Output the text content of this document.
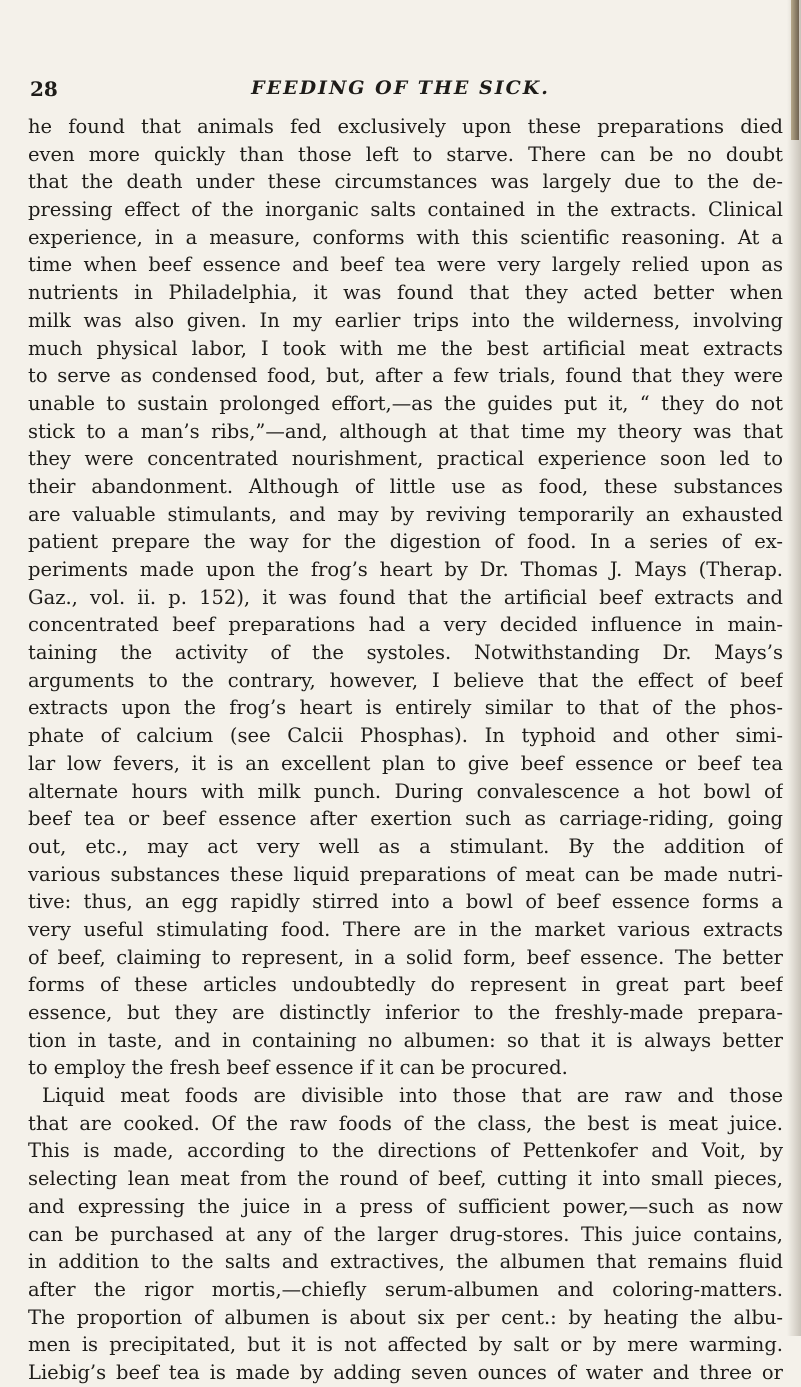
28	FEEDING OF THE SICK.
he found that animals fed exclusively upon these preparations died
even more quickly than those left to starve. There can be no doubt
that the death under these circumstances was largely due to the de-
pressing effect of the inorganic salts contained in the extracts. Clinical
experience, in a measure, conforms with this scientific reasoning. At a
time when beef essence and beef tea were very largely relied upon as
nutrients in Philadelphia, it was found that they acted better when
milk was also given. In my earlier trips into the wilderness, involving
much physical labor, I took with me the best artificial meat extracts
to serve as condensed food, but, after a few trials, found that they were
unable to sustain prolonged effort,—as the guides put it, “ they do not
stick to a man’s ribs,”—and, although at that time my theory was that
they were concentrated nourishment, practical experience soon led to
their abandonment. Although of little use as food, these substances
are valuable stimulants, and may by reviving temporarily an exhausted
patient prepare the way for the digestion of food. In a series of ex-
periments made upon the frog’s heart by Dr. Thomas J. Mays (Therap.
Gaz., vol. ii. p. 152), it was found that the artificial beef extracts and
concentrated beef preparations had a very decided influence in main-
taining the activity of the systoles. Notwithstanding Dr. Mays’s
arguments to the contrary, however, I believe that the effect of beef
extracts upon the frog’s heart is entirely similar to that of the phos-
phate of calcium (see Calcii Phosphas). In typhoid and other simi-
lar low fevers, it is an excellent plan to give beef essence or beef tea
alternate hours with milk punch. During convalescence a hot bowl of
beef tea or beef essence after exertion such as carriage-riding, going
out, etc., may act very well as a stimulant. By the addition of
various substances these liquid preparations of meat can be made nutri-
tive: thus, an egg rapidly stirred into a bowl of beef essence forms a
very useful stimulating food. There are in the market various extracts
of beef, claiming to represent, in a solid form, beef essence. The better
forms of these articles undoubtedly do represent in great part beef
essence, but they are distinctly inferior to the freshly-made prepara-
tion in taste, and in containing no albumen: so that it is always better
to employ the fresh beef essence if it can be procured.
Liquid meat foods are divisible into those that are raw and those
that are cooked. Of the raw foods of the class, the best is meat juice.
This is made, according to the directions of Pettenkofer and Voit, by
selecting lean meat from the round of beef, cutting it into small pieces,
and expressing the juice in a press of sufficient power,—such as now
can be purchased at any of the larger drug-stores. This juice contains,
in addition to the salts and extractives, the albumen that remains fluid
after the rigor mortis,—chiefly serum-albumen and coloring-matters.
The proportion of albumen is about six per cent.: by heating the albu-
men is precipitated, but it is not affected by salt or by mere warming.
Liebig’s beef tea is made by adding seven ounces of water and three or
